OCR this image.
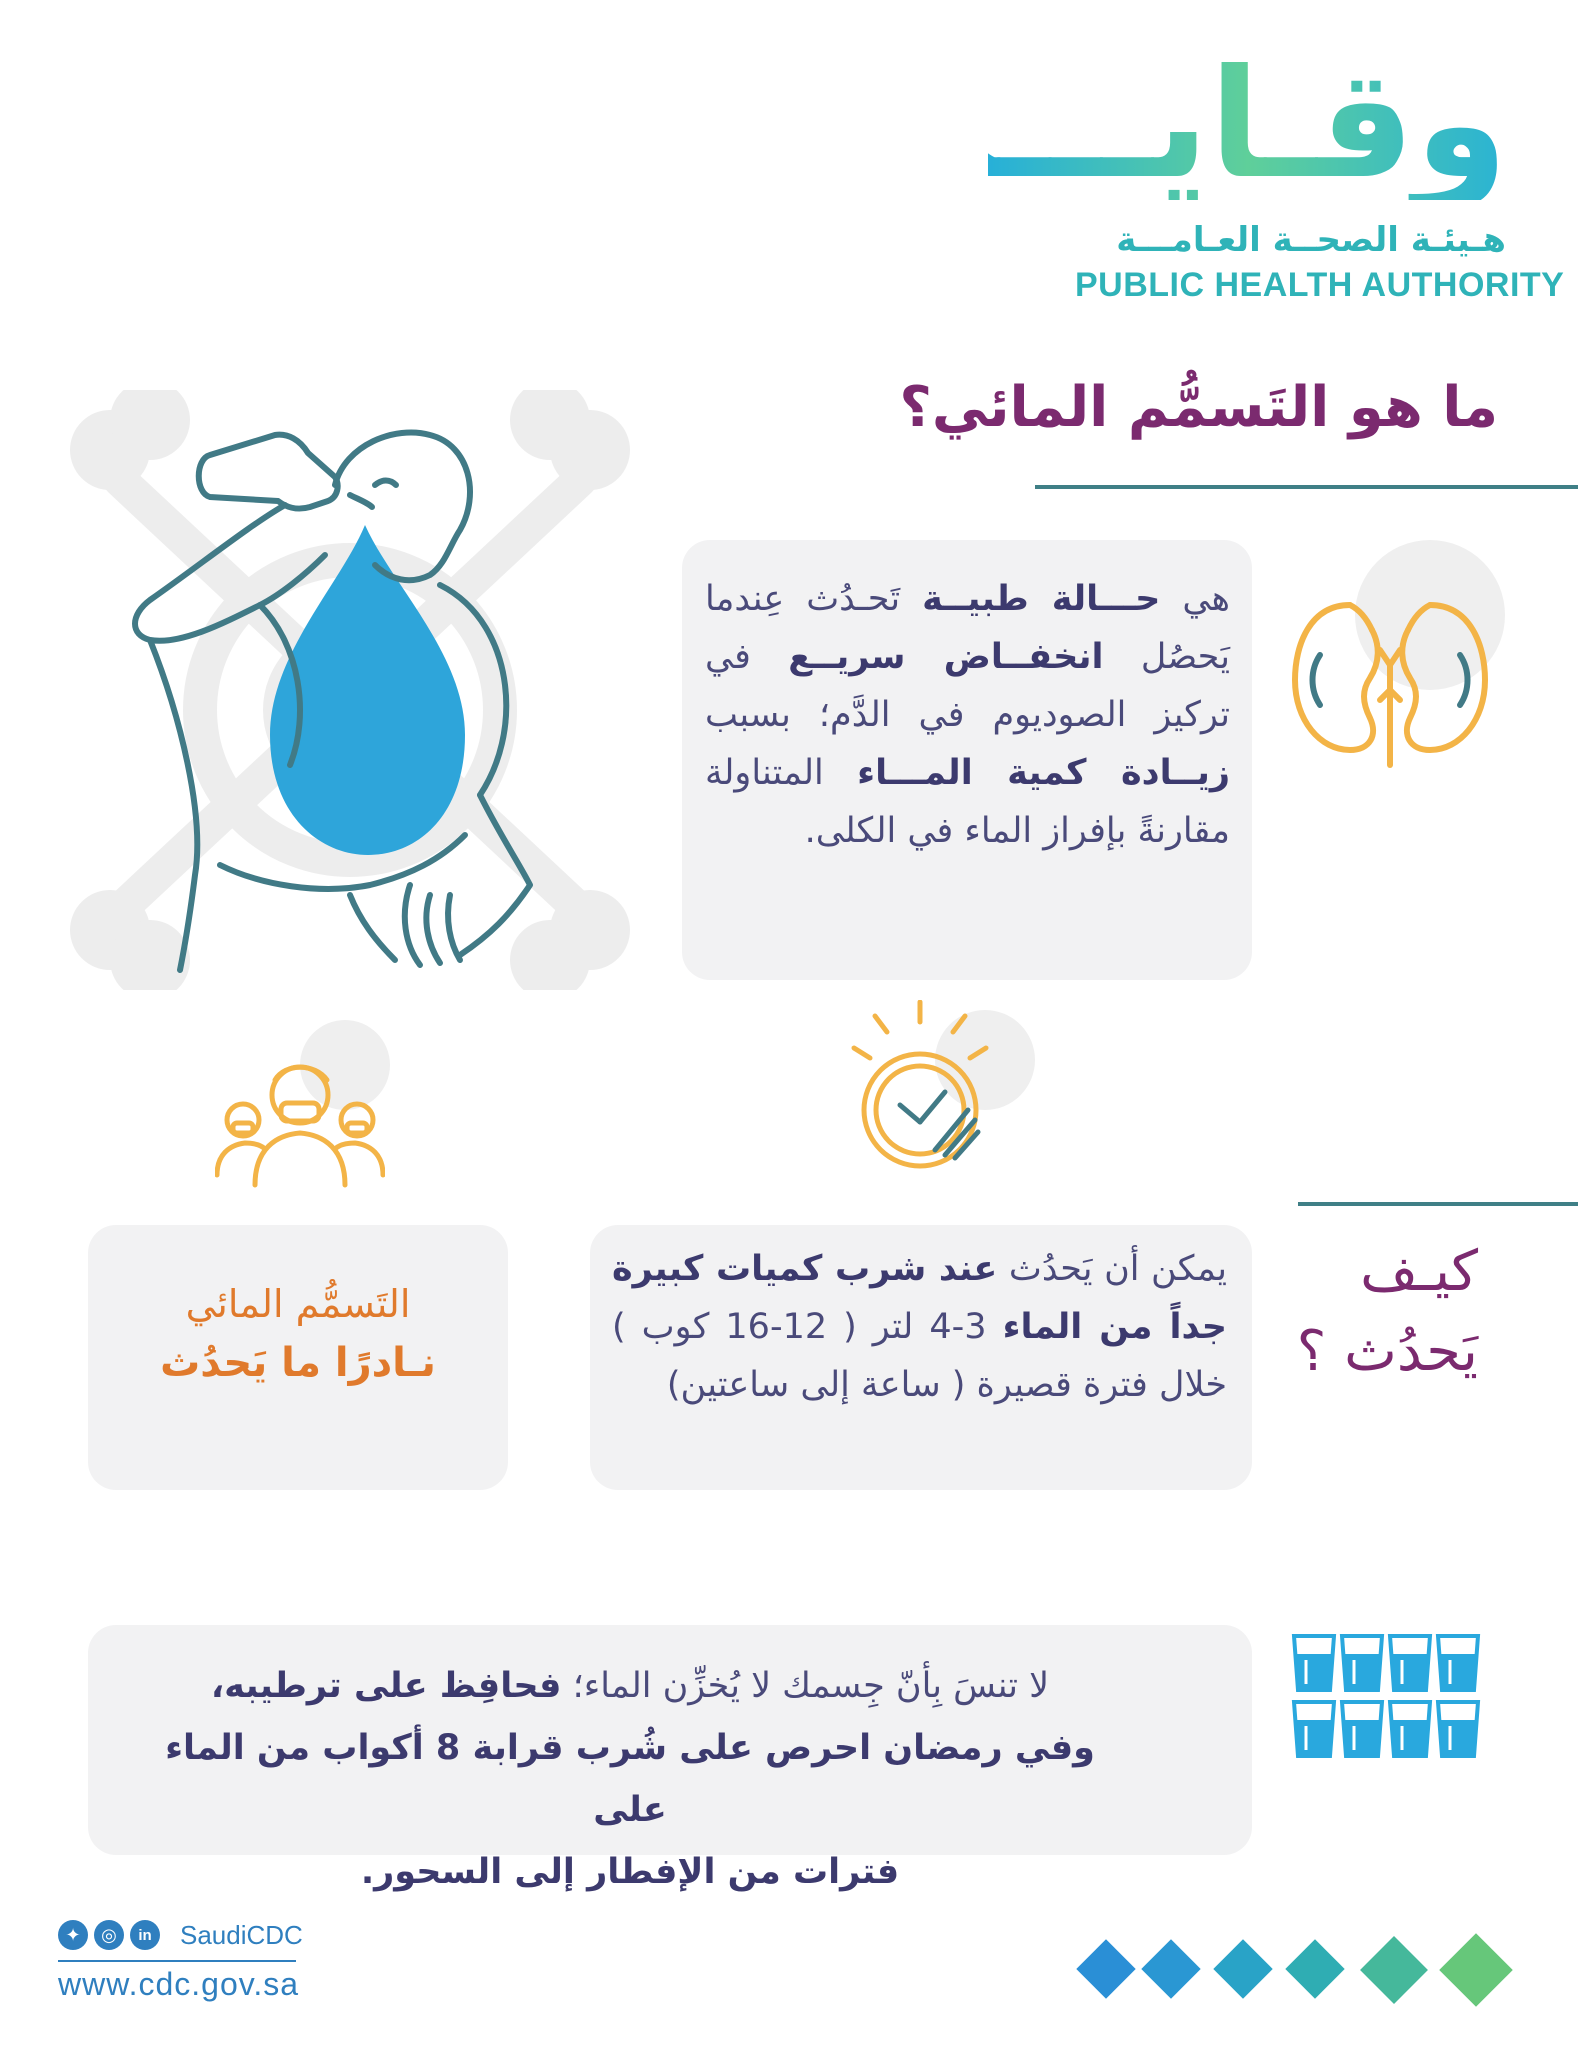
وقـايـــة
هـيئـة الصحــة العـامـــة
PUBLIC HEALTH AUTHORITY
ما هو التَسمُّم المائي؟
هي حـــالة طبيــة تَحـدُث عِندما يَحصُل انخفــاض سريــع في تركيز الصوديوم في الدَّم؛ بسبب زيــادة كمية المـــاء المتناولة مقارنةً بإفراز الماء في الكلى.
كيـف
يَحدُث ؟
يمكن أن يَحدُث عند شرب كميات كبيرة جداً من الماء 3-4 لتر ( 12-16 كوب ) خلال فترة قصيرة ( ساعة إلى ساعتين)
التَسمُّم المائي
نـادرًا ما يَحدُث
لا تنسَ بِأنّ جِسمك لا يُخزِّن الماء؛ فحافِظ على ترطيبه،
وفي رمضان احرص على شُرب قرابة 8 أكواب من الماء على
فترات من الإفطار إلى السحور.
✦	◎	in	SaudiCDC
www.cdc.gov.sa
